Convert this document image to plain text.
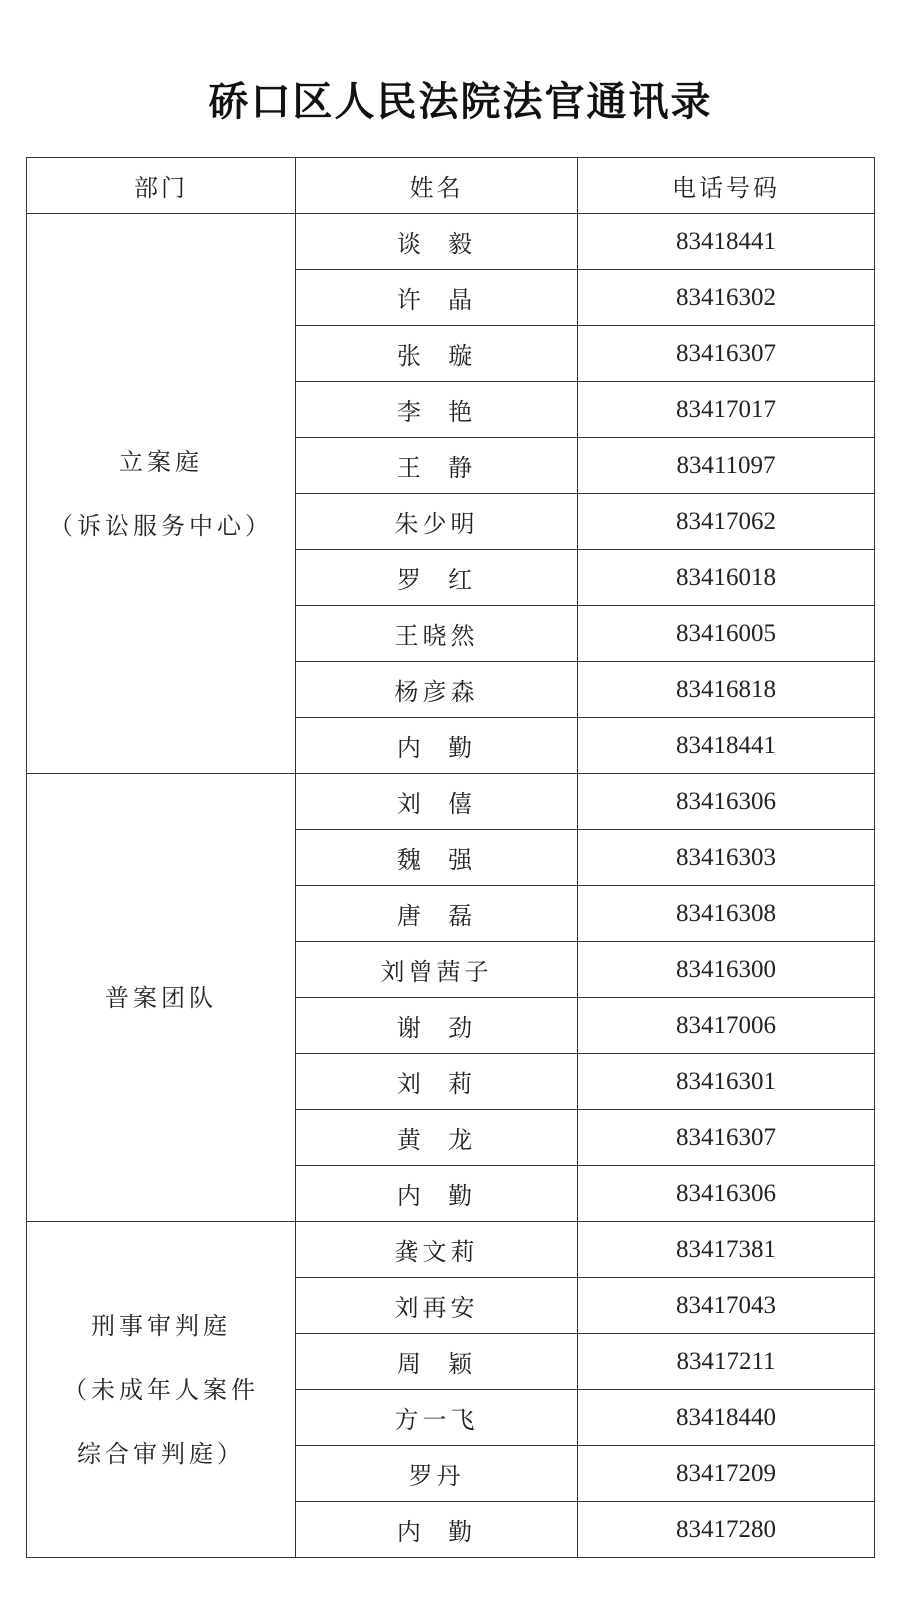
硚口区人民法院法官通讯录
部门	姓名	电话号码

立案庭
（诉讼服务中心）	谈  毅	83418441
	许  晶	83416302
	张  璇	83416307
	李  艳	83417017
	王  静	83411097
	朱少明	83417062
	罗  红	83416018
	王晓然	83416005
	杨彦森	83416818
	内  勤	83418441

普案团队	刘  僖	83416306
	魏  强	83416303
	唐  磊	83416308
	刘曾茜子	83416300
	谢  劲	83417006
	刘  莉	83416301
	黄  龙	83416307
	内  勤	83416306

刑事审判庭
（未成年人案件
综合审判庭）	龚文莉	83417381
	刘再安	83417043
	周  颖	83417211
	方一飞	83418440
	罗丹	83417209
	内  勤	83417280
